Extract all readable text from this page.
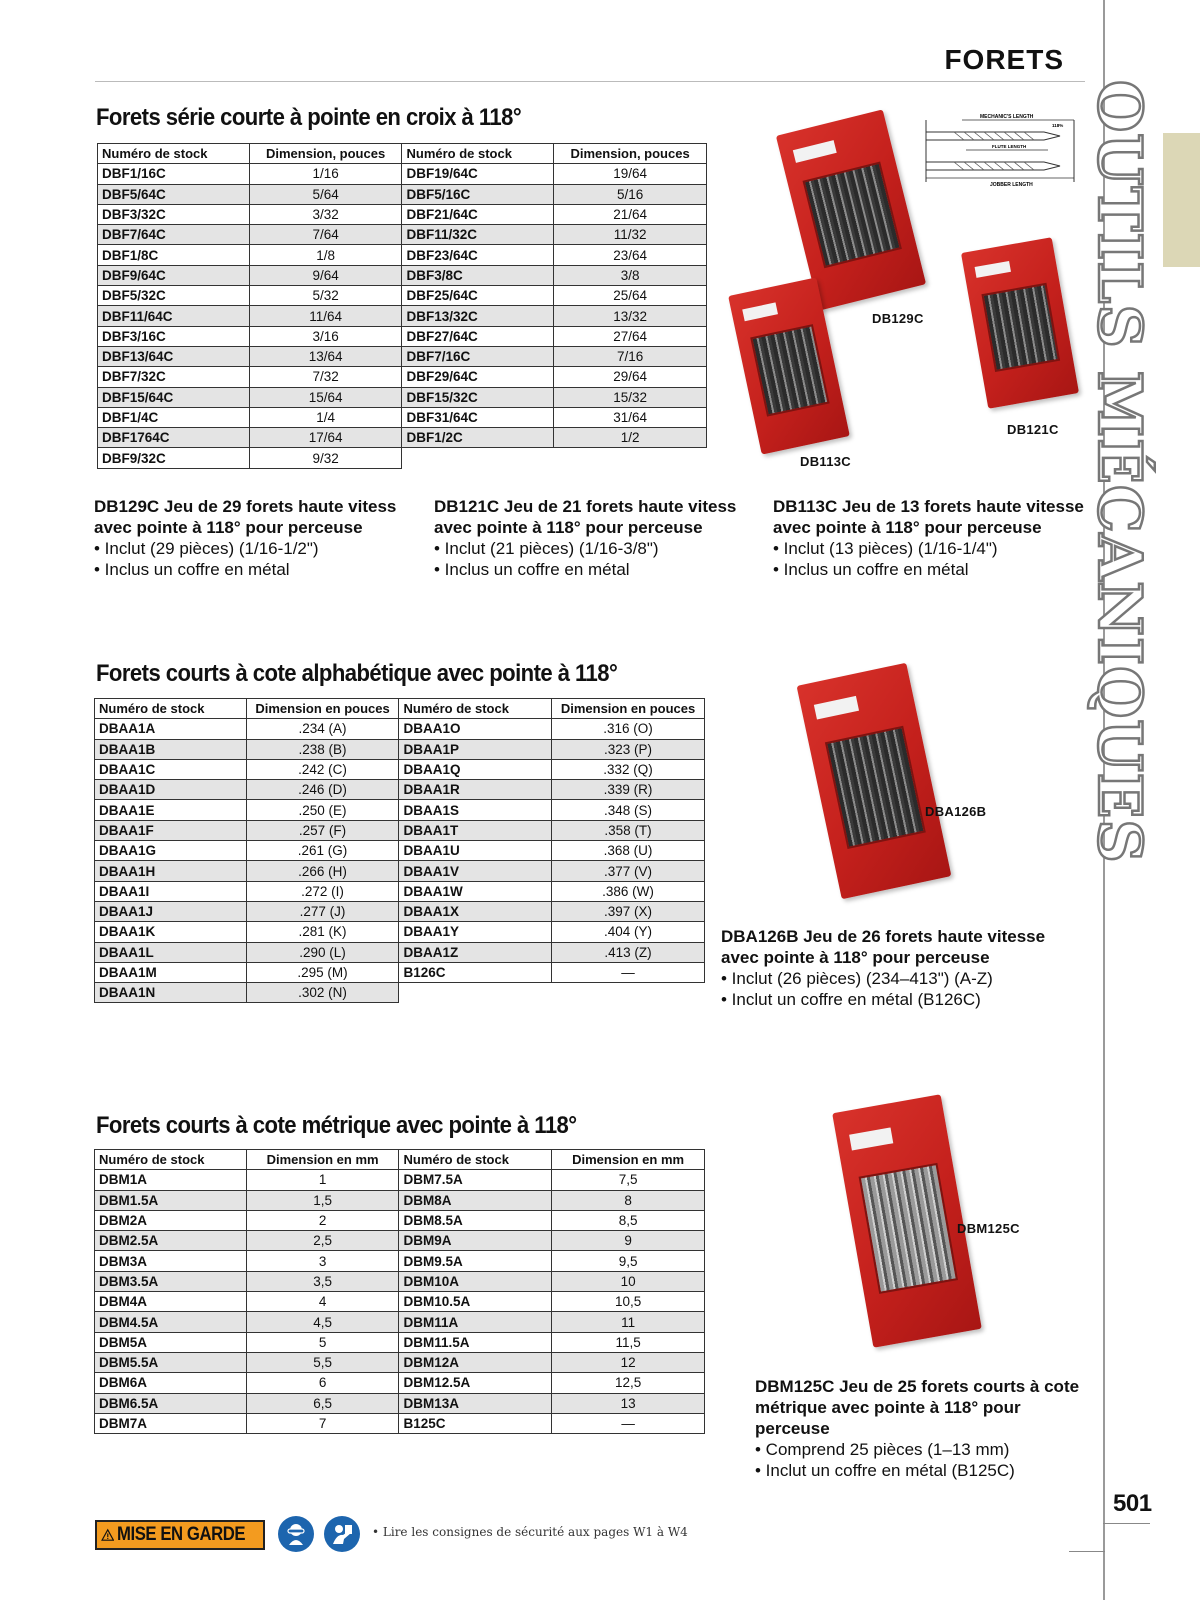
FORETS
OUTILS MÉCANIQUES
501
Forets série courte à pointe en croix à 118°
Numéro de stock	Dimension, pouces	Numéro de stock	Dimension, pouces
DBF1/16C	1/16	DBF19/64C	19/64
DBF5/64C	5/64	DBF5/16C	5/16
DBF3/32C	3/32	DBF21/64C	21/64
DBF7/64C	7/64	DBF11/32C	11/32
DBF1/8C	1/8	DBF23/64C	23/64
DBF9/64C	9/64	DBF3/8C	3/8
DBF5/32C	5/32	DBF25/64C	25/64
DBF11/64C	11/64	DBF13/32C	13/32
DBF3/16C	3/16	DBF27/64C	27/64
DBF13/64C	13/64	DBF7/16C	7/16
DBF7/32C	7/32	DBF29/64C	29/64
DBF15/64C	15/64	DBF15/32C	15/32
DBF1/4C	1/4	DBF31/64C	31/64
DBF1764C	17/64	DBF1/2C	1/2
DBF9/32C	9/32		
DB129C
DB121C
DB113C
MECHANIC'S LENGTH
118%
FLUTE LENGTH
JOBBER LENGTH
DB129C Jeu de 29 forets haute vitess avec pointe à 118° pour perceuse
• Inclut (29 pièces) (1/16-1/2")
• Inclus un coffre en métal
DB121C Jeu de 21 forets haute vitess avec pointe à 118° pour perceuse
• Inclut (21 pièces) (1/16-3/8")
• Inclus un coffre en métal
DB113C Jeu de 13 forets haute vitesse avec pointe à 118° pour perceuse
• Inclut (13 pièces) (1/16-1/4")
• Inclus un coffre en métal
Forets courts à cote alphabétique avec pointe à 118°
Numéro de stock	Dimension en pouces	Numéro de stock	Dimension en pouces
DBAA1A	.234 (A)	DBAA1O	.316 (O)
DBAA1B	.238 (B)	DBAA1P	.323 (P)
DBAA1C	.242 (C)	DBAA1Q	.332 (Q)
DBAA1D	.246 (D)	DBAA1R	.339 (R)
DBAA1E	.250 (E)	DBAA1S	.348 (S)
DBAA1F	.257 (F)	DBAA1T	.358 (T)
DBAA1G	.261 (G)	DBAA1U	.368 (U)
DBAA1H	.266 (H)	DBAA1V	.377 (V)
DBAA1I	.272 (I)	DBAA1W	.386 (W)
DBAA1J	.277 (J)	DBAA1X	.397 (X)
DBAA1K	.281 (K)	DBAA1Y	.404 (Y)
DBAA1L	.290 (L)	DBAA1Z	.413 (Z)
DBAA1M	.295 (M)	B126C	—
DBAA1N	.302 (N)		
DBA126B
DBA126B Jeu de 26 forets haute vitesse avec pointe à 118° pour perceuse
• Inclut (26 pièces) (234–413") (A-Z)
• Inclut un coffre en métal (B126C)
Forets courts à cote métrique avec pointe à 118°
Numéro de stock	Dimension en mm	Numéro de stock	Dimension en mm
DBM1A	1	DBM7.5A	7,5
DBM1.5A	1,5	DBM8A	8
DBM2A	2	DBM8.5A	8,5
DBM2.5A	2,5	DBM9A	9
DBM3A	3	DBM9.5A	9,5
DBM3.5A	3,5	DBM10A	10
DBM4A	4	DBM10.5A	10,5
DBM4.5A	4,5	DBM11A	11
DBM5A	5	DBM11.5A	11,5
DBM5.5A	5,5	DBM12A	12
DBM6A	6	DBM12.5A	12,5
DBM6.5A	6,5	DBM13A	13
DBM7A	7	B125C	—
DBM125C
DBM125C Jeu de 25 forets courts à cote métrique avec pointe à 118° pour perceuse
• Comprend 25 pièces (1–13 mm)
• Inclut un coffre en métal (B125C)
MISE EN GARDE	• Lire les consignes de sécurité aux pages W1 à W4
